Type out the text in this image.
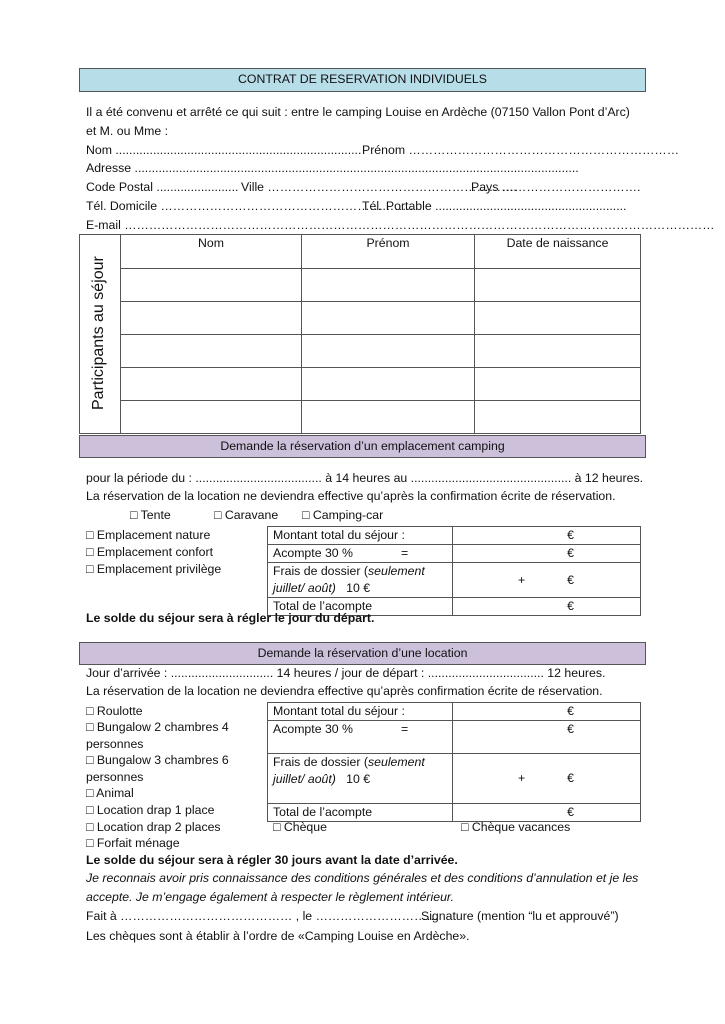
CONTRAT DE RESERVATION INDIVIDUELS
Il a été convenu et arrêté ce qui suit : entre le camping Louise en Ardèche (07150 Vallon Pont d’Arc)
et M. ou Mme :
Nom ........................................................................ Prénom …………………………………………………………
Adresse ..................................................................................................................................
Code Postal ........................ Ville …………………………………………………….
Pays …………………………….
Tél. Domicile ……………………………………………………..
Tél. Portable ........................................................
E-mail ………………………………………………………………………………………………………………………………
Participants au séjour	Nom	Prénom	Date de naissance

Demande la réservation d’un emplacement camping
pour la période du : ..................................... à 14 heures au ............................................... à 12 heures.
La réservation de la location ne deviendra effective qu’après la confirmation écrite de réservation.
□ Tente	□ Caravane □ Camping-car
□ Emplacement nature
□ Emplacement confort
□ Emplacement privilège
Montant total du séjour :	€
Acompte 30 % =	€
Frais de dossier (seulement juillet/ août) 10 €	+ €
Total de l’acompte	€
Le solde du séjour sera à régler le jour du départ.
Demande la réservation d’une location
Jour d’arrivée : .............................. 14 heures / jour de départ : .................................. 12 heures.
La réservation de la location ne deviendra effective qu’après confirmation écrite de réservation.
□ Roulotte
□ Bungalow 2 chambres 4
personnes
□ Bungalow 3 chambres 6
personnes
□ Animal
□ Location drap 1 place
□ Location drap 2 places
□ Forfait ménage
Montant total du séjour :	€
Acompte 30 % =	€
Frais de dossier (seulement juillet/ août) 10 €	+ €
Total de l’acompte	€
□ Chèque	□ Chèque vacances
Le solde du séjour sera à régler 30 jours avant la date d’arrivée.
Je reconnais avoir pris connaissance des conditions générales et des conditions d’annulation et je les
accepte. Je m’engage également à respecter le règlement intérieur.
Fait à …………………………………… , le …………………………
Signature (mention “lu et approuvé”)
Les chèques sont à établir à l’ordre de «Camping Louise en Ardèche».
